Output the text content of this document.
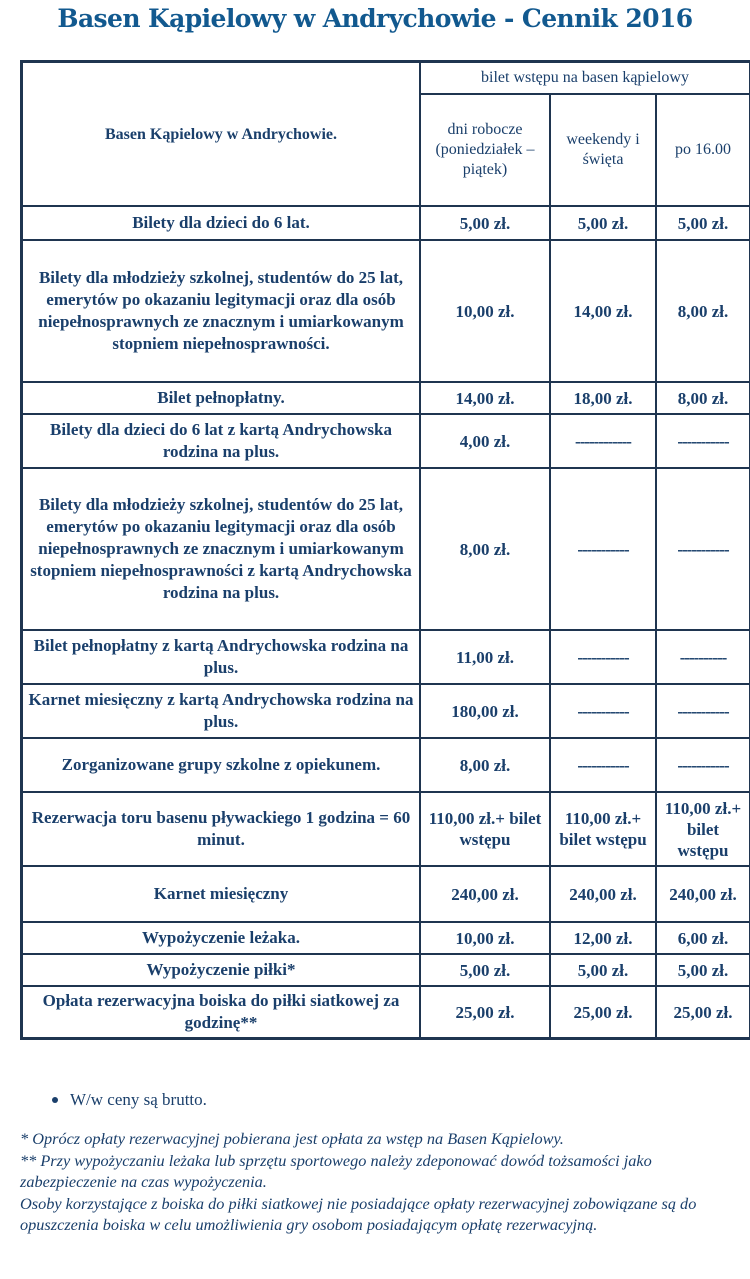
Basen Kąpielowy w Andrychowie - Cennik 2016
Basen Kąpielowy w Andrychowie.	bilet wstępu na basen kąpielowy		
	dni robocze (poniedziałek – piątek)	weekendy i święta	po 16.00
Bilety dla dzieci do 6 lat.	5,00 zł.	5,00 zł.	5,00 zł.
Bilety dla młodzieży szkolnej, studentów do 25 lat, emerytów po okazaniu legitymacji oraz dla osób niepełnosprawnych ze znacznym i umiarkowanym stopniem niepełnosprawności.	10,00 zł.	14,00 zł.	8,00 zł.
Bilet pełnopłatny.	14,00 zł.	18,00 zł.	8,00 zł.
Bilety dla dzieci do 6 lat z kartą Andrychowska rodzina na plus.	4,00 zł.	------------	-----------
Bilety dla młodzieży szkolnej, studentów do 25 lat, emerytów po okazaniu legitymacji oraz dla osób niepełnosprawnych ze znacznym i umiarkowanym stopniem niepełnosprawności z kartą Andrychowska rodzina na plus.	8,00 zł.	-----------	-----------
Bilet pełnopłatny z kartą Andrychowska rodzina na plus.	11,00 zł.	-----------	----------
Karnet miesięczny z kartą Andrychowska rodzina na plus.	180,00 zł.	-----------	-----------
Zorganizowane grupy szkolne z opiekunem.	8,00 zł.	-----------	-----------
Rezerwacja toru basenu pływackiego 1 godzina = 60 minut.	110,00 zł.+ bilet wstępu	110,00 zł.+ bilet wstępu	110,00 zł.+ bilet wstępu
Karnet miesięczny	240,00 zł.	240,00 zł.	240,00 zł.
Wypożyczenie leżaka.	10,00 zł.	12,00 zł.	6,00 zł.
Wypożyczenie piłki*	5,00 zł.	5,00 zł.	5,00 zł.
Opłata rezerwacyjna boiska do piłki siatkowej za godzinę**	25,00 zł.	25,00 zł.	25,00 zł.
W/w ceny są brutto.

* Oprócz opłaty rezerwacyjnej pobierana jest opłata za wstęp na Basen Kąpielowy.

** Przy wypożyczaniu leżaka lub sprzętu sportowego należy zdeponować dowód tożsamości jako zabezpieczenie na czas wypożyczenia.

Osoby korzystające z boiska do piłki siatkowej nie posiadające opłaty rezerwacyjnej zobowiązane są do opuszczenia boiska w celu umożliwienia gry osobom posiadającym opłatę rezerwacyjną.
